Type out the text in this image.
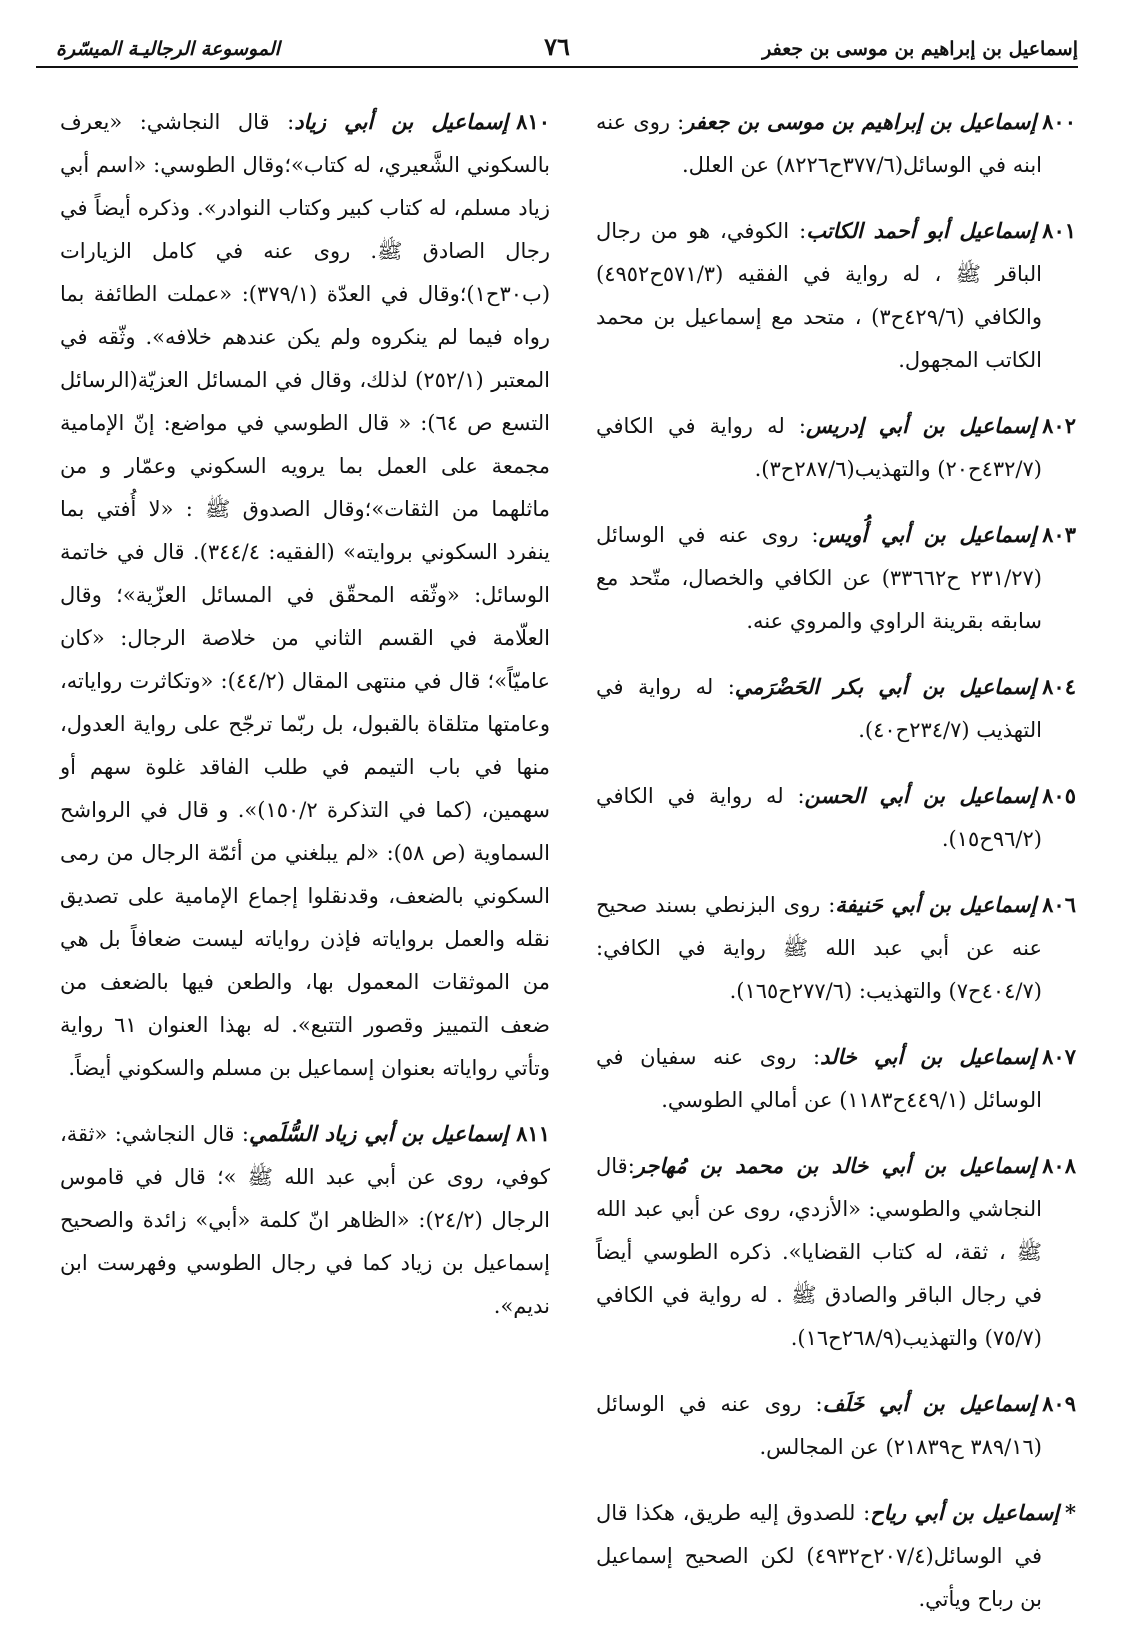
إسماعيل بن إبراهيم بن موسى بن جعفر
٧٦
الموسوعة الرجاليـة الميسّرة

٨٠٠إسماعيل بن إبراهيم بن موسى بن جعفر: روى عنه ابنه في الوسائل(٣٧٧/٦ح٨٢٢٦) عن العلل.

٨٠١إسماعيل أبو أحمد الكاتب: الكوفي، هو من رجال الباقر ﷺ ، له رواية في الفقيه (٥٧١/٣ح٤٩٥٢) والكافي (٤٢٩/٦ح٣) ، متحد مع إسماعيل بن محمد الكاتب المجهول.

٨٠٢إسماعيل بن أبي إدريس: له رواية في الكافي (٤٣٢/٧ح٢٠) والتهذيب(٢٨٧/٦ح٣).

٨٠٣إسماعيل بن أبي أُويس: روى عنه في الوسائل (٢٣١/٢٧ ح٣٣٦٦٢) عن الكافي والخصال، متّحد مع سابقه بقرينة الراوي والمروي عنه.

٨٠٤إسماعيل بن أبي بكر الحَضْرَمي: له رواية في التهذيب (٢٣٤/٧ح٤٠).

٨٠٥إسماعيل بن أبي الحسن: له رواية في الكافي (٩٦/٢ح١٥).

٨٠٦إسماعيل بن أبي حَنيفة: روى البزنطي بسند صحيح عنه عن أبي عبد الله ﷺ رواية في الكافي: (٤٠٤/٧ح٧) والتهذيب: (٢٧٧/٦ح١٦٥).

٨٠٧إسماعيل بن أبي خالد: روى عنه سفيان في الوسائل (٤٤٩/١ح١١٨٣) عن أمالي الطوسي.

٨٠٨إسماعيل بن أبي خالد بن محمد بن مُهاجر:قال النجاشي والطوسي: «الأزدي، روى عن أبي عبد الله ﷺ ، ثقة، له كتاب القضايا». ذكره الطوسي أيضاً في رجال الباقر والصادق ﷺ . له رواية في الكافي (٧٥/٧) والتهذيب(٢٦٨/٩ح١٦).

٨٠٩إسماعيل بن أبي خَلَف: روى عنه في الوسائل (٣٨٩/١٦ ح٢١٨٣٩) عن المجالس.

*إسماعيل بن أبي رياح: للصدوق إليه طريق، هكذا قال في الوسائل(٢٠٧/٤ح٤٩٣٢) لكن الصحيح إسماعيل بن رباح ويأتي.

٨١٠إسماعيل بن أبي زياد: قال النجاشي: «يعرف بالسكوني الشَّعيري، له كتاب»؛وقال الطوسي: «اسم أبي زياد مسلم، له كتاب كبير وكتاب النوادر». وذكره أيضاً في رجال الصادق ﷺ. روى عنه في كامل الزيارات (ب٣٠ح١)؛وقال في العدّة (٣٧٩/١): «عملت الطائفة بما رواه فيما لم ينكروه ولم يكن عندهم خلافه». وثّقه في المعتبر (٢٥٢/١) لذلك، وقال في المسائل العزيّة(الرسائل التسع ص ٦٤): « قال الطوسي في مواضع: إنّ الإمامية مجمعة على العمل بما يرويه السكوني وعمّار و من ماثلهما من الثقات»؛وقال الصدوق ﷺ : «لا أُفتي بما ينفرد السكوني بروايته» (الفقيه: ٣٤٤/٤). قال في خاتمة الوسائل: «وثّقه المحقّق في المسائل العزّية»؛ وقال العلّامة في القسم الثاني من خلاصة الرجال: «كان عاميّاً»؛ قال في منتهى المقال (٤٤/٢): «وتكاثرت رواياته، وعامتها متلقاة بالقبول، بل ربّما ترجّح على رواية العدول، منها في باب التيمم في طلب الفاقد غلوة سهم أو سهمين، (كما في التذكرة ١٥٠/٢)». و قال في الرواشح السماوية (ص ٥٨): «لم يبلغني من أئمّة الرجال من رمى السكوني بالضعف، وقدنقلوا إجماع الإمامية على تصديق نقله والعمل برواياته فإذن رواياته ليست ضعافاً بل هي من الموثقات المعمول بها، والطعن فيها بالضعف من ضعف التمييز وقصور التتبع». له بهذا العنوان ٦١ رواية وتأتي رواياته بعنوان إسماعيل بن مسلم والسكوني أيضاً.

٨١١إسماعيل بن أبي زياد السُّلَمي: قال النجاشي: «ثقة، كوفي، روى عن أبي عبد الله ﷺ »؛ قال في قاموس الرجال (٢٤/٢): «الظاهر انّ كلمة «أبي» زائدة والصحيح إسماعيل بن زياد كما في رجال الطوسي وفهرست ابن نديم».
